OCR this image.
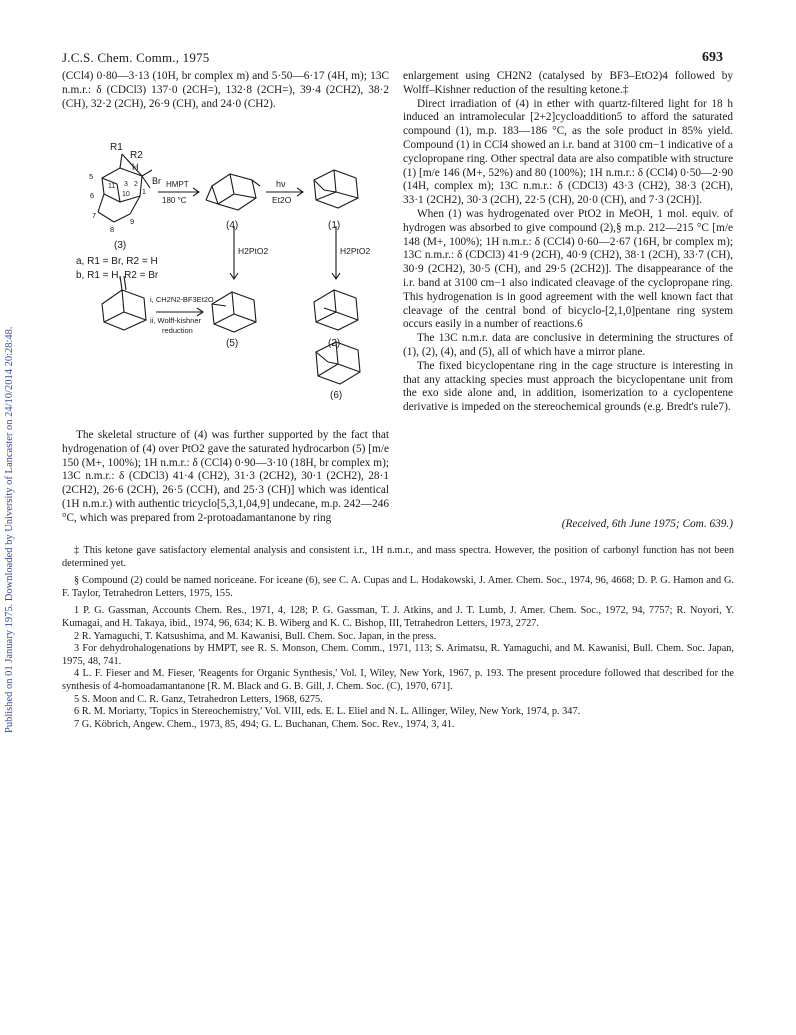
Published on 01 January 1975. Downloaded by University of Lancaster on 24/10/2014 20:28:48.
J.C.S. Chem. Comm., 1975	693

(CCl4) 0·80—3·13 (10H, br complex m) and 5·50—6·17 (4H, m); 13C n.m.r.: δ (CDCl3) 137·0 (2CH=), 132·8 (2CH=), 39·4 (2CH2), 38·2 (CH), 32·2 (2CH), 26·9 (CH), and 24·0 (CH2).

R1
R2
H
Br
5
6
7
8
9
11 3 2
1
10
(3)
(4)	(1)
(5)	(2)
(6)
a, R1 = Br, R2 = H
b, R1 = H, R2 = Br
HMPT
180 °C
hν
Et2O
H2PtO2	H2PtO2
i, CH2N2-BF3Et2O
ii, Wolff-kishner
reduction

The skeletal structure of (4) was further supported by the fact that hydrogenation of (4) over PtO2 gave the saturated hydrocarbon (5) [m/e 150 (M+, 100%); 1H n.m.r.: δ (CCl4) 0·90—3·10 (18H, br complex m); 13C n.m.r.: δ (CDCl3) 41·4 (CH2), 31·3 (2CH2), 30·1 (2CH2), 28·1 (2CH2), 26·6 (2CH), 26·5 (CCH), and 25·3 (CH)] which was identical (1H n.m.r.) with authentic tricyclo[5,3,1,04,9] undecane, m.p. 242—246 °C, which was prepared from 2-protoadamantanone by ring

enlargement using CH2N2 (catalysed by BF3–EtO2)4 followed by Wolff–Kishner reduction of the resulting ketone.‡

Direct irradiation of (4) in ether with quartz-filtered light for 18 h induced an intramolecular [2+2]cycloaddition5 to afford the saturated compound (1), m.p. 183—186 °C, as the sole product in 85% yield. Compound (1) in CCl4 showed an i.r. band at 3100 cm−1 indicative of a cyclopropane ring. Other spectral data are also compatible with structure (1) [m/e 146 (M+, 52%) and 80 (100%); 1H n.m.r.: δ (CCl4) 0·50—2·90 (14H, complex m); 13C n.m.r.: δ (CDCl3) 43·3 (CH2), 38·3 (2CH), 33·1 (2CH2), 30·3 (2CH), 22·5 (CH), 20·0 (CH), and 7·3 (2CH)].

When (1) was hydrogenated over PtO2 in MeOH, 1 mol. equiv. of hydrogen was absorbed to give compound (2),§ m.p. 212—215 °C [m/e 148 (M+, 100%); 1H n.m.r.: δ (CCl4) 0·60—2·67 (16H, br complex m); 13C n.m.r.: δ (CDCl3) 41·9 (2CH), 40·9 (CH2), 38·1 (2CH), 33·7 (CH), 30·9 (2CH2), 30·5 (CH), and 29·5 (2CH2)]. The disappearance of the i.r. band at 3100 cm−1 also indicated cleavage of the cyclopropane ring. This hydrogenation is in good agreement with the well known fact that cleavage of the central bond of bicyclo-[2,1,0]pentane ring system occurs easily in a number of reactions.6

The 13C n.m.r. data are conclusive in determining the structures of (1), (2), (4), and (5), all of which have a mirror plane.

The fixed bicyclopentane ring in the cage structure is interesting in that any attacking species must approach the bicyclopentane unit from the exo side alone and, in addition, isomerization to a cyclopentene derivative is impeded on the stereochemical grounds (e.g. Bredt's rule7).

(Received, 6th June 1975; Com. 639.)

‡ This ketone gave satisfactory elemental analysis and consistent i.r., 1H n.m.r., and mass spectra. However, the position of carbonyl function has not been determined yet.

§ Compound (2) could be named noriceane. For iceane (6), see C. A. Cupas and L. Hodakowski, J. Amer. Chem. Soc., 1974, 96, 4668; D. P. G. Hamon and G. F. Taylor, Tetrahedron Letters, 1975, 155.

1 P. G. Gassman, Accounts Chem. Res., 1971, 4, 128; P. G. Gassman, T. J. Atkins, and J. T. Lumb, J. Amer. Chem. Soc., 1972, 94, 7757; R. Noyori, Y. Kumagai, and H. Takaya, ibid., 1974, 96, 634; K. B. Wiberg and K. C. Bishop, III, Tetrahedron Letters, 1973, 2727.

2 R. Yamaguchi, T. Katsushima, and M. Kawanisi, Bull. Chem. Soc. Japan, in the press.

3 For dehydrohalogenations by HMPT, see R. S. Monson, Chem. Comm., 1971, 113; S. Arimatsu, R. Yamaguchi, and M. Kawanisi, Bull. Chem. Soc. Japan, 1975, 48, 741.

4 L. F. Fieser and M. Fieser, 'Reagents for Organic Synthesis,' Vol. I, Wiley, New York, 1967, p. 193. The present procedure followed that described for the synthesis of 4-homoadamantanone [R. M. Black and G. B. Gill, J. Chem. Soc. (C), 1970, 671].

5 S. Moon and C. R. Ganz, Tetrahedron Letters, 1968, 6275.

6 R. M. Moriarty, 'Topics in Stereochemistry,' Vol. VIII, eds. E. L. Eliel and N. L. Allinger, Wiley, New York, 1974, p. 347.

7 G. Köbrich, Angew. Chem., 1973, 85, 494; G. L. Buchanan, Chem. Soc. Rev., 1974, 3, 41.
